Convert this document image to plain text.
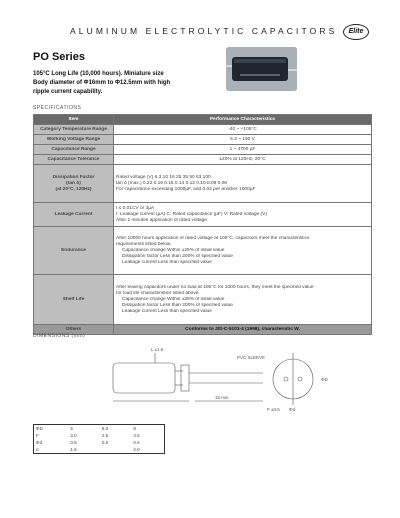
ALUMINUM ELECTROLYTIC CAPACITORS	Elite
PO Series
105°C Long Life (10,000 hours). Miniature size
Body diameter of Φ16mm to Φ12.5mm with high
ripple current capability.
SPECIFICATIONS
Item	Performance Characteristics

Category Temperature Range	-40 ~ +105°C

Working Voltage Range	6.3 ~ 100 V

Capacitance Range	1 ~ 4700 µF

Capacitance Tolerance	±20% at 120Hz, 20°C

Dissipation Factor
(tan δ)
(at 20°C, 120Hz)	Rated voltage (V) 6.3 10 16 25 35 50 63 100
tan δ (max.) 0.22 0.19 0.16 0.14 0.12 0.10 0.09 0.08
For capacitance exceeding 1000µF, add 0.02 per another 1000µF

Leakage Current	I ≤ 0.01CV or 3µA
I: Leakage current (µA) C: Rated capacitance (µF) V: Rated voltage (V)
After 2 minutes application of rated voltage

Endurance	After 10000 hours application of rated voltage at 105°C, capacitors meet the characteristics
requirements listed below.
Capacitance change Within ±25% of initial value
Dissipation factor Less than 200% of specified value
Leakage current Less than specified value

Shelf Life	After leaving capacitors under no load at 105°C for 1000 hours, they meet the specified value
for load life characteristics listed above.
Capacitance change Within ±25% of initial value
Dissipation factor Less than 200% of specified value
Leakage current Less than specified value

Others	Conforms to JIS-C-5101-4 (1998), characteristic W.
DIMENSIONS (mm)
L ±1.5
PVC SLEEVE
15 min
ΦD
Φd
F ±0.5
ΦD	5	6.3	8
F	2.0	2.5	3.5
Φd	0.5	0.5	0.6
α	1.5		2.0
